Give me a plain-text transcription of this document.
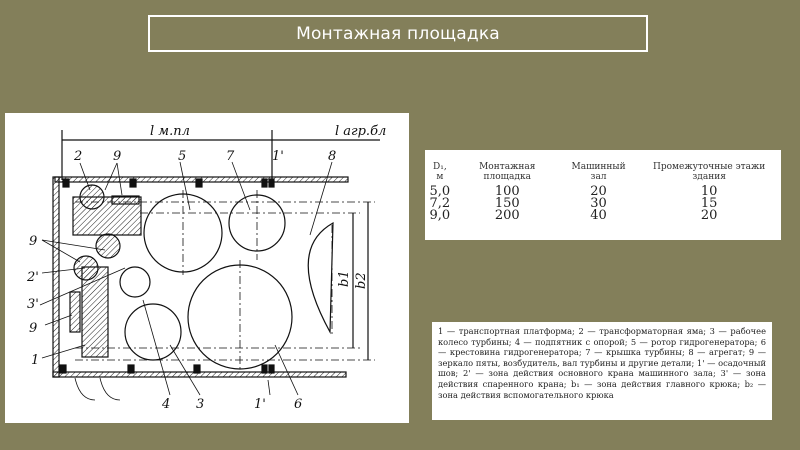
Монтажная площадка
l м.пл	l агр.бл
b1 b2
2 9	5	7	1'	8
9
2'
3'
9
1
4 3	1' 6
D₁, м	Монтажная площадка	Машинный зал	Промежуточные этажи здания
5,0	100	20	10
7,2	150	30	15
9,0	200	40	20
1 — транспортная платформа; 2 — трансформаторная яма; 3 — рабочее колесо турбины; 4 — подпятник с опорой; 5 — ротор гидрогенератора; 6 — крестовина гидрогенератора; 7 — крышка турбины; 8 — агрегат; 9 — зеркало пяты, возбудитель, вал турбины и другие детали; 1' — осадочный шов; 2' — зона действия основного крана машинного зала; 3' — зона действия спаренного крана; b₁ — зона действия главного крюка; b₂ — зона действия вспомогательного крюка
